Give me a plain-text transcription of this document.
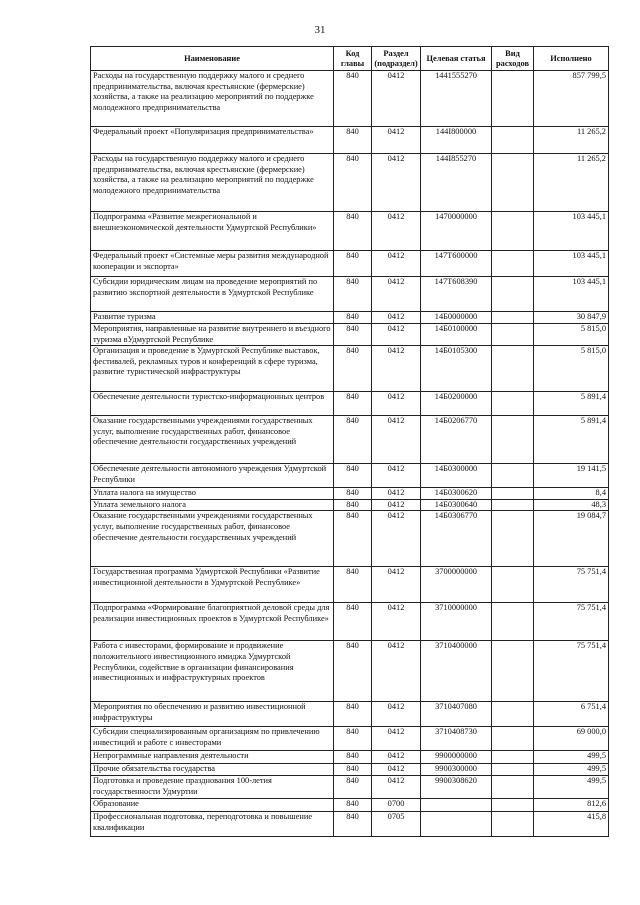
31
Наименование	Код главы	Раздел (подраздел)	Целевая статья	Вид расходов	Исполнено
Расходы на государственную поддержку малого и среднего предпринимательства, включая крестьянские (фермерские) хозяйства, а также на реализацию мероприятий по поддержке молодежного предпринимательства	840	0412	1441555270		857 799,5
Федеральный проект «Популяризация предпринимательства»	840	0412	144I800000		11 265,2
Расходы на государственную поддержку малого и среднего предпринимательства, включая крестьянские (фермерские) хозяйства, а также на реализацию мероприятий по поддержке молодежного предпринимательства	840	0412	144I855270		11 265,2
Подпрограмма «Развитие межрегиональной и внешнеэкономической деятельности Удмуртской Республики»	840	0412	1470000000		103 445,1
Федеральный проект «Системные меры развития международной кооперации и экспорта»	840	0412	147T600000		103 445,1
Субсидии юридическим лицам на проведение мероприятий по развитию экспортной деятельности в Удмуртской Республике	840	0412	147T608390		103 445,1
Развитие туризма	840	0412	14Б0000000		30 847,9
Мероприятия, направленные на развитие внутреннего и въездного туризма вУдмуртской Республике	840	0412	14Б0100000		5 815,0
Организация и проведение в Удмуртской Республике выставок, фестивалей, рекламных туров и конференций в сфере туризма, развитие туристической инфраструктуры	840	0412	14Б0105300		5 815,0
Обеспечение деятельности туристско-информационных центров	840	0412	14Б0200000		5 891,4
Оказание государственными учреждениями государственных услуг, выполнение государственных работ, финансовое обеспечение деятельности государственных учреждений	840	0412	14Б0206770		5 891,4
Обеспечение деятельности автономного учреждения Удмуртской Республики	840	0412	14Б0300000		19 141,5
Уплата налога на имущество	840	0412	14Б0300620		8,4
Уплата земельного налога	840	0412	14Б0300640		48,3
Оказание государственными учреждениями государственных услуг, выполнение государственных работ, финансовое обеспечение деятельности государственных учреждений	840	0412	14Б0306770		19 084,7
Государственная программа Удмуртской Республики «Развитие инвестиционной деятельности в Удмуртской Республике»	840	0412	3700000000		75 751,4
Подпрограмма «Формирование благоприятной деловой среды для реализации инвестиционных проектов в Удмуртской Республике»	840	0412	3710000000		75 751,4
Работа с инвесторами, формирование и продвижение положительного инвестиционного имиджа Удмуртской Республики, содействие в организации финансирования инвестиционных и инфраструктурных проектов	840	0412	3710400000		75 751,4
Мероприятия по обеспечению и развитию инвестиционной инфраструктуры	840	0412	3710407080		6 751,4
Субсидии специализированным организациям по привлечению инвестиций и работе с инвесторами	840	0412	3710408730		69 000,0
Непрограммные направления деятельности	840	0412	9900000000		499,5
Прочие обязательства государства	840	0412	9900300000		499,5
Подготовка и проведение празднования 100-летия государственности Удмуртии	840	0412	9900308620		499,5
Образование	840	0700			812,6
Профессиональная подготовка, переподготовка и повышение квалификации	840	0705			415,8
